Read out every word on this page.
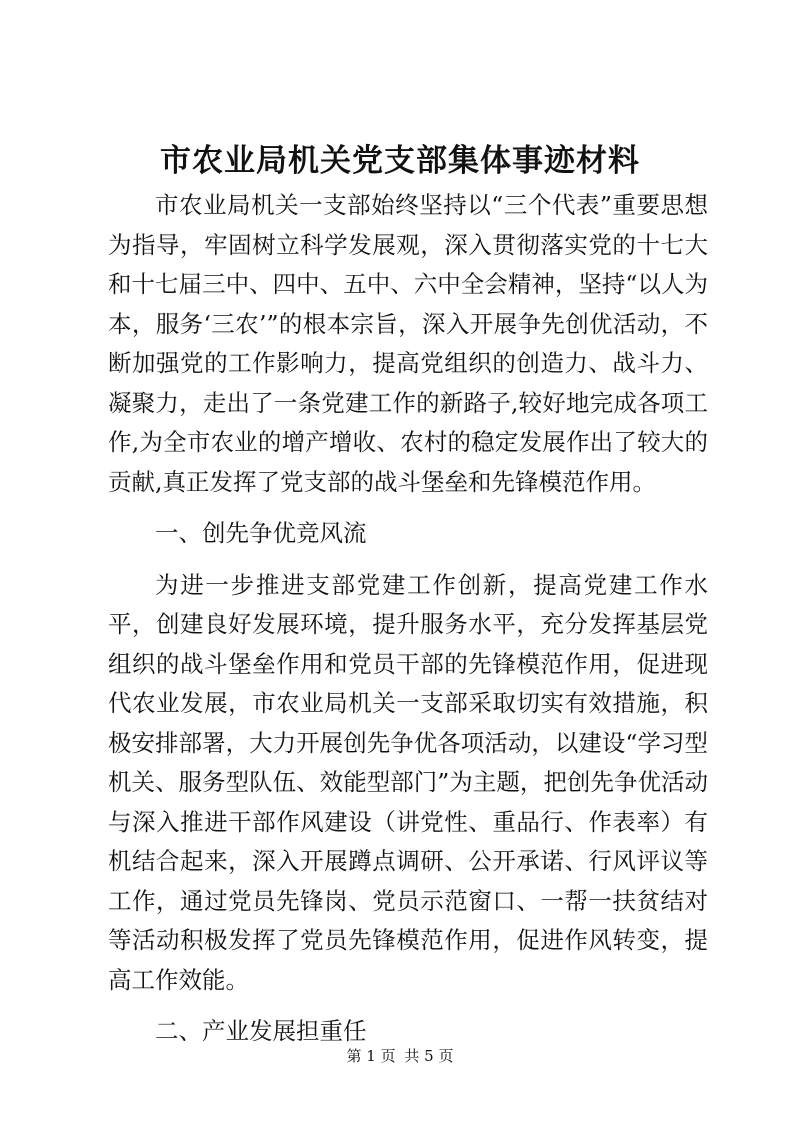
市农业局机关党支部集体事迹材料

市农业局机关一支部始终坚持以“三个代表”重要思想为指导，牢固树立科学发展观，深入贯彻落实党的十七大和十七届三中、四中、五中、六中全会精神，坚持“以人为本，服务‘三农’”的根本宗旨，深入开展争先创优活动，不断加强党的工作影响力，提高党组织的创造力、战斗力、凝聚力，走出了一条党建工作的新路子,较好地完成各项工作,为全市农业的增产增收、农村的稳定发展作出了较大的贡献,真正发挥了党支部的战斗堡垒和先锋模范作用。

一、创先争优竞风流

为进一步推进支部党建工作创新，提高党建工作水平，创建良好发展环境，提升服务水平，充分发挥基层党组织的战斗堡垒作用和党员干部的先锋模范作用，促进现代农业发展，市农业局机关一支部采取切实有效措施，积极安排部署，大力开展创先争优各项活动，以建设“学习型机关、服务型队伍、效能型部门”为主题，把创先争优活动与深入推进干部作风建设（讲党性、重品行、作表率）有机结合起来，深入开展蹲点调研、公开承诺、行风评议等工作，通过党员先锋岗、党员示范窗口、一帮一扶贫结对等活动积极发挥了党员先锋模范作用，促进作风转变，提高工作效能。

二、产业发展担重任

第 1 页 共 5 页
